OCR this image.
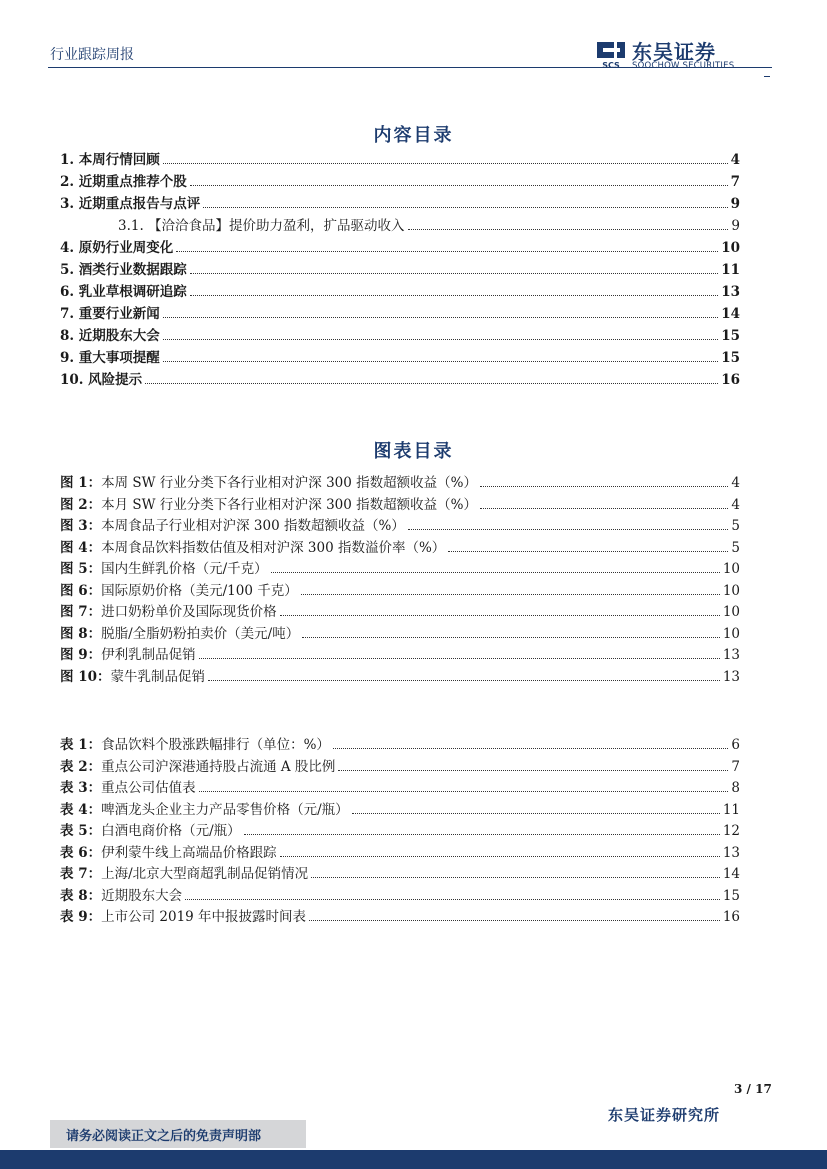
行业跟踪周报
SCS
东吴证券
SOOCHOW SECURITIES
内容目录
1. 本周行情回顾	4
2. 近期重点推荐个股	7
3. 近期重点报告与点评	9
3.1. 【洽洽食品】提价助力盈利，扩品驱动收入	9
4. 原奶行业周变化	10
5. 酒类行业数据跟踪	11
6. 乳业草根调研追踪	13
7. 重要行业新闻	14
8. 近期股东大会	15
9. 重大事项提醒	15
10. 风险提示	16
图表目录
图 1： 本周 SW 行业分类下各行业相对沪深 300 指数超额收益（%）	4
图 2： 本月 SW 行业分类下各行业相对沪深 300 指数超额收益（%）	4
图 3： 本周食品子行业相对沪深 300 指数超额收益（%）	5
图 4： 本周食品饮料指数估值及相对沪深 300 指数溢价率（%）	5
图 5： 国内生鲜乳价格（元/千克）	10
图 6： 国际原奶价格（美元/100 千克）	10
图 7： 进口奶粉单价及国际现货价格	10
图 8： 脱脂/全脂奶粉拍卖价（美元/吨）	10
图 9： 伊利乳制品促销	13
图 10： 蒙牛乳制品促销	13
表 1： 食品饮料个股涨跌幅排行（单位：%）	6
表 2： 重点公司沪深港通持股占流通 A 股比例	7
表 3： 重点公司估值表	8
表 4： 啤酒龙头企业主力产品零售价格（元/瓶）	11
表 5： 白酒电商价格（元/瓶）	12
表 6： 伊利蒙牛线上高端品价格跟踪	13
表 7： 上海/北京大型商超乳制品促销情况	14
表 8： 近期股东大会	15
表 9： 上市公司 2019 年中报披露时间表	16
3 / 17
东吴证券研究所
请务必阅读正文之后的免责声明部
